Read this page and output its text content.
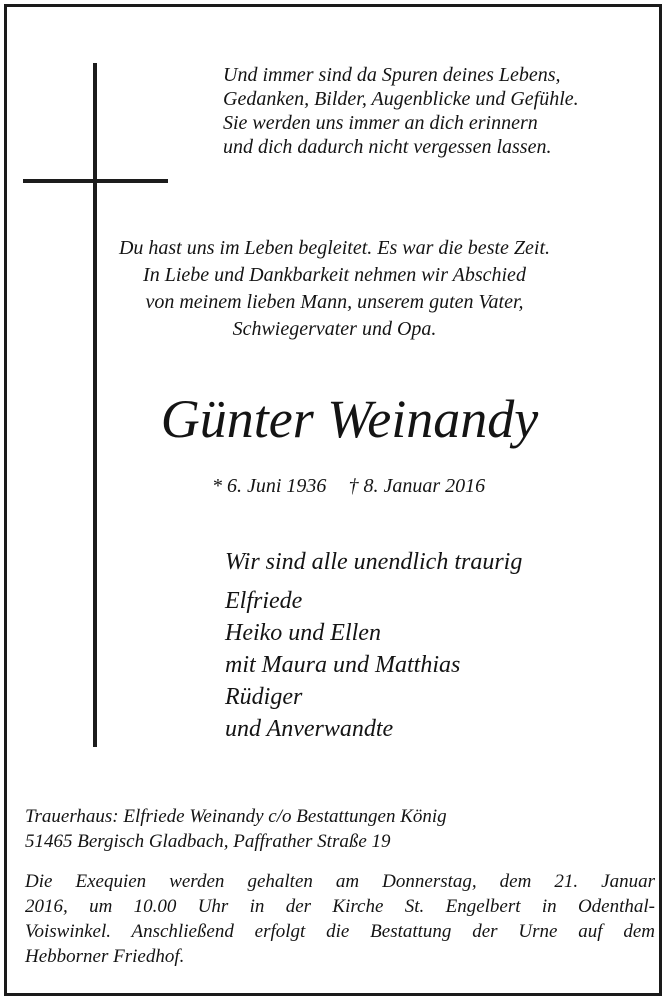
Und immer sind da Spuren deines Lebens,
Gedanken, Bilder, Augenblicke und Gefühle.
Sie werden uns immer an dich erinnern
und dich dadurch nicht vergessen lassen.
Du hast uns im Leben begleitet. Es war die beste Zeit.
In Liebe und Dankbarkeit nehmen wir Abschied
von meinem lieben Mann, unserem guten Vater,
Schwiegervater und Opa.
Günter Weinandy
* 6. Juni 1936 † 8. Januar 2016
Wir sind alle unendlich traurig
Elfriede
Heiko und Ellen
mit Maura und Matthias
Rüdiger
und Anverwandte
Trauerhaus: Elfriede Weinandy c/o Bestattungen König
51465 Bergisch Gladbach, Paffrather Straße 19
Die Exequien werden gehalten am Donnerstag, dem 21. Januar
2016, um 10.00 Uhr in der Kirche St. Engelbert in Odenthal-
Voiswinkel. Anschließend erfolgt die Bestattung der Urne auf dem
Hebborner Friedhof.
